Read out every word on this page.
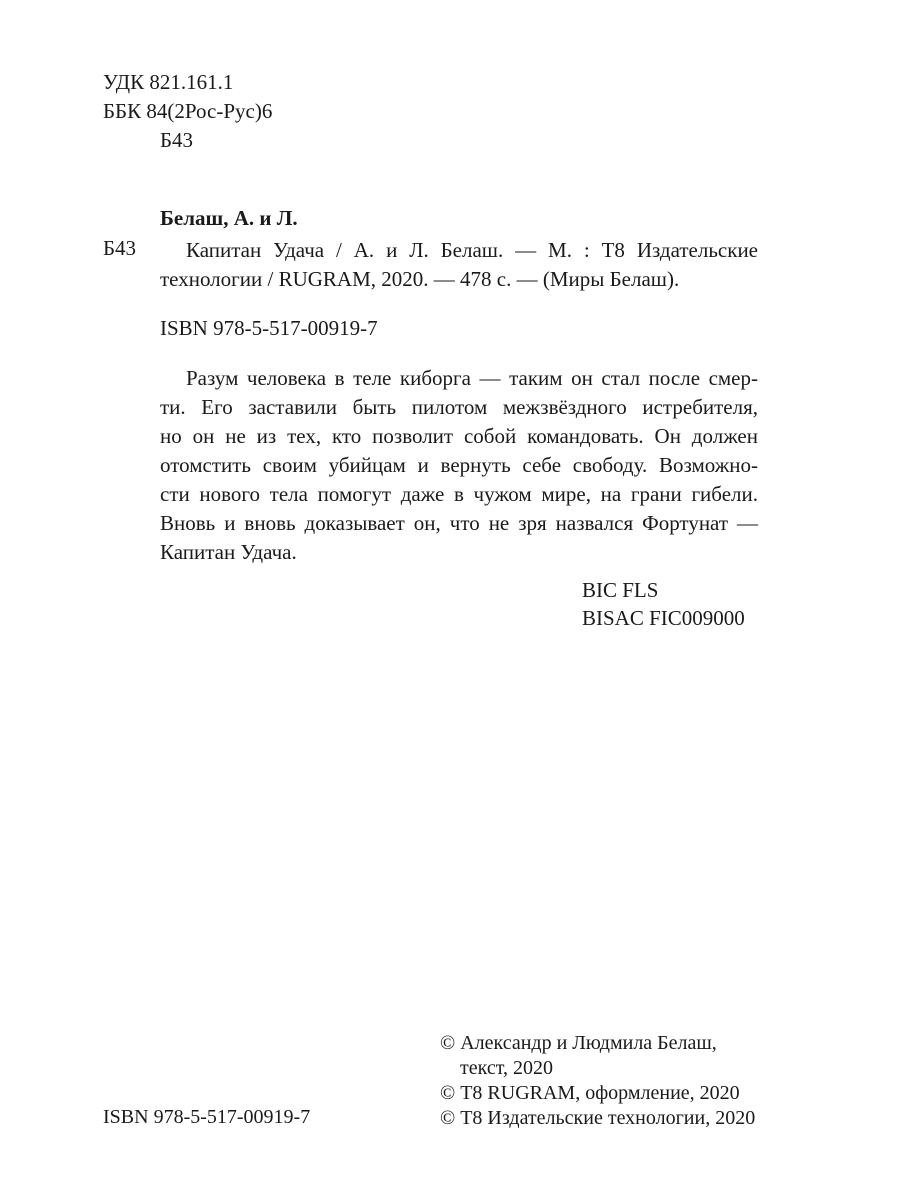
УДК 821.161.1
ББК 84(2Рос-Рус)6
Б43
Белаш, А. и Л.
Б43	Капитан Удача / А. и Л. Белаш. — М. : Т8 Издательские
технологии / RUGRAM, 2020. — 478 с. — (Миры Белаш).
ISBN 978-5-517-00919-7
Разум человека в теле киборга — таким он стал после смер-
ти. Его заставили быть пилотом межзвёздного истребителя,
но он не из тех, кто позволит собой командовать. Он должен
отомстить своим убийцам и вернуть себе свободу. Возможно-
сти нового тела помогут даже в чужом мире, на грани гибели.
Вновь и вновь доказывает он, что не зря назвался Фортунат —
Капитан Удача.
BIC FLS
BISAC FIC009000
© Александр и Людмила Белаш,
текст, 2020
© Т8 RUGRAM, оформление, 2020
© Т8 Издательские технологии, 2020
ISBN 978-5-517-00919-7
